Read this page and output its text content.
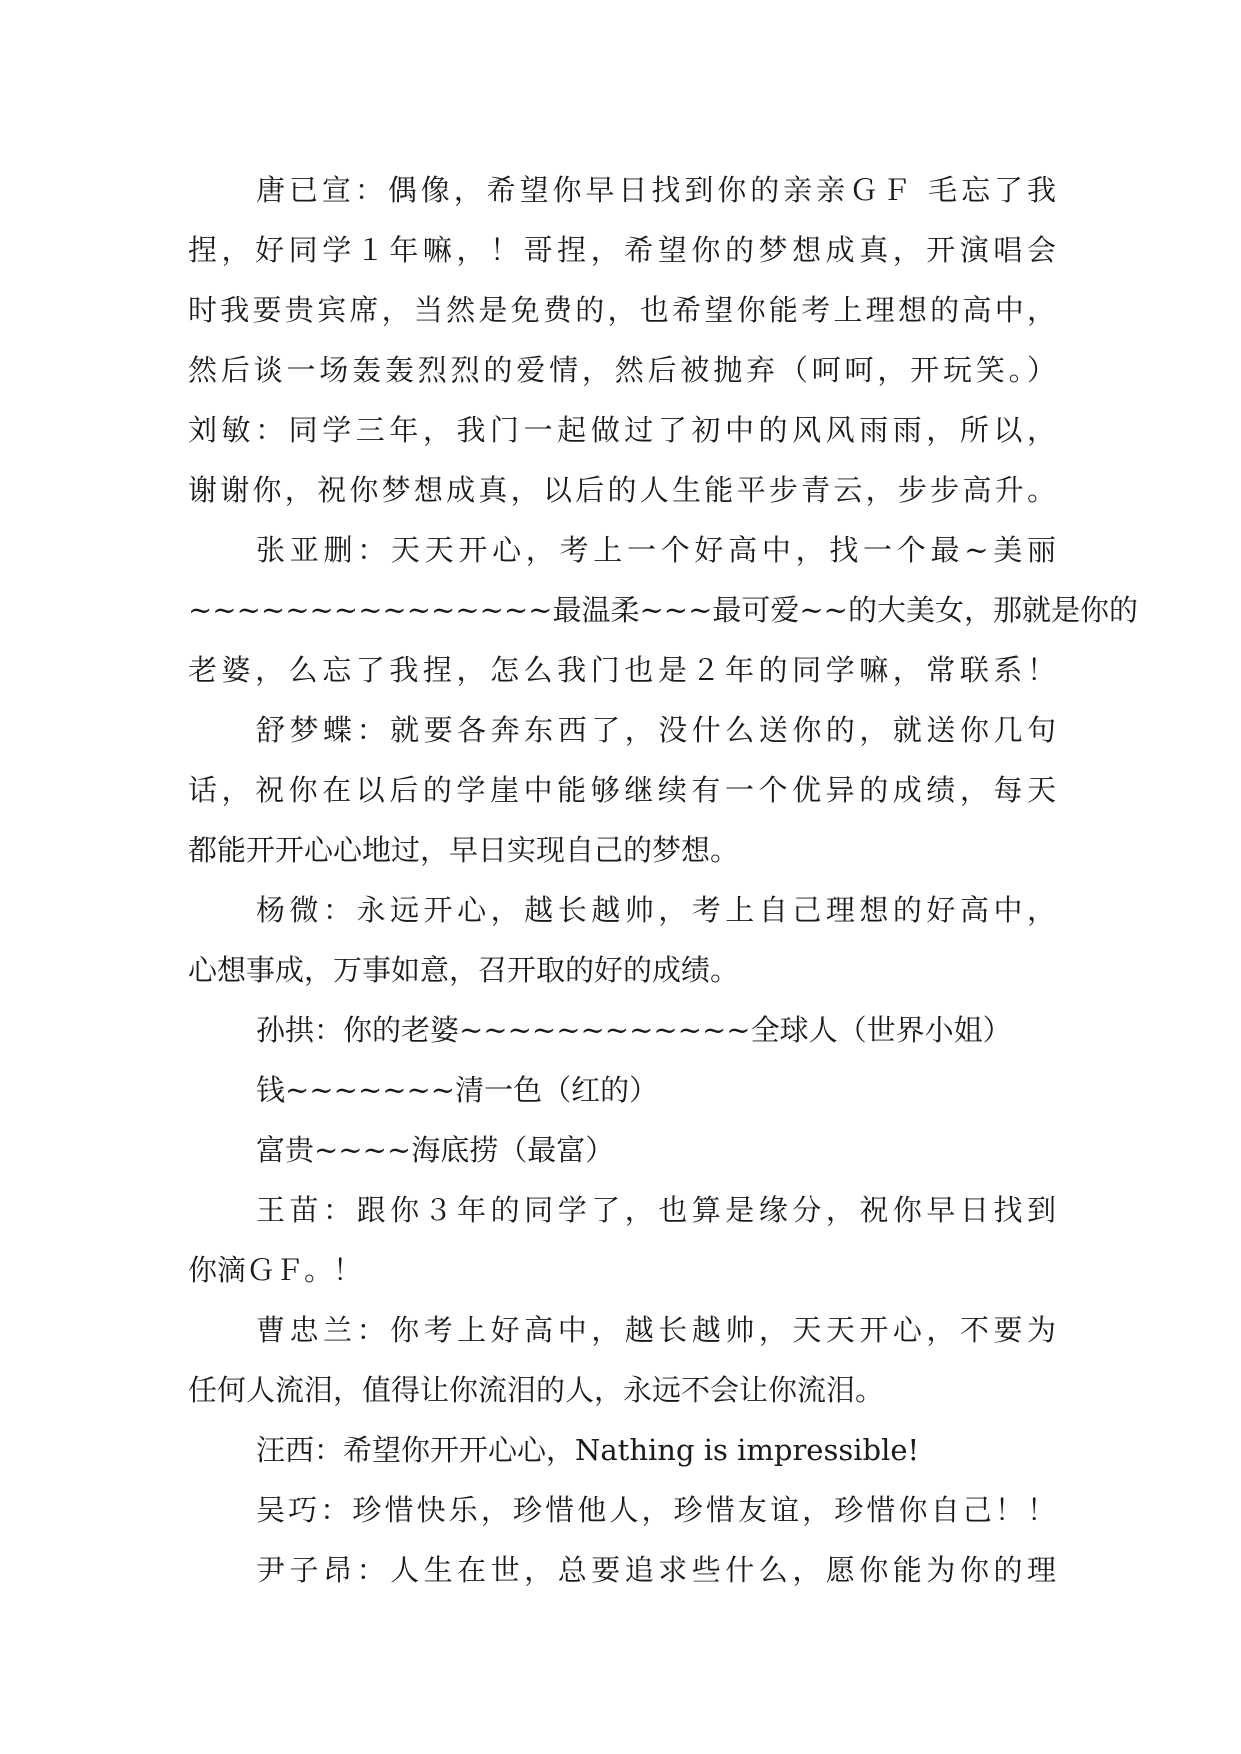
唐已宣：偶像，希望你早日找到你的亲亲ＧＦ 毛忘了我
捏，好同学１年嘛，！哥捏，希望你的梦想成真，开演唱会
时我要贵宾席，当然是免费的，也希望你能考上理想的高中，
然后谈一场轰轰烈烈的爱情，然后被抛弃（呵呵，开玩笑。）
刘敏：同学三年，我门一起做过了初中的风风雨雨，所以，
谢谢你，祝你梦想成真，以后的人生能平步青云，步步高升。
张亚删：天天开心，考上一个好高中，找一个最~美丽
~~~~~~~~~~~~~~~最温柔~~~最可爱~~的大美女，那就是你的
老婆，么忘了我捏，怎么我门也是２年的同学嘛，常联系！
舒梦蝶：就要各奔东西了，没什么送你的，就送你几句
话，祝你在以后的学崖中能够继续有一个优异的成绩，每天
都能开开心心地过，早日实现自己的梦想。
杨微：永远开心，越长越帅，考上自己理想的好高中，
心想事成，万事如意，召开取的好的成绩。
孙拱：你的老婆~~~~~~~~~~~~全球人（世界小姐）
钱~~~~~~~清一色（红的）
富贵~~~~海底捞（最富）
王苗：跟你３年的同学了，也算是缘分，祝你早日找到
你滴ＧＦ。！
曹忠兰：你考上好高中，越长越帅，天天开心，不要为
任何人流泪，值得让你流泪的人，永远不会让你流泪。
汪西：希望你开开心心，Nathing is impressible!
吴巧：珍惜快乐，珍惜他人，珍惜友谊，珍惜你自己！！
尹子昂：人生在世，总要追求些什么，愿你能为你的理
